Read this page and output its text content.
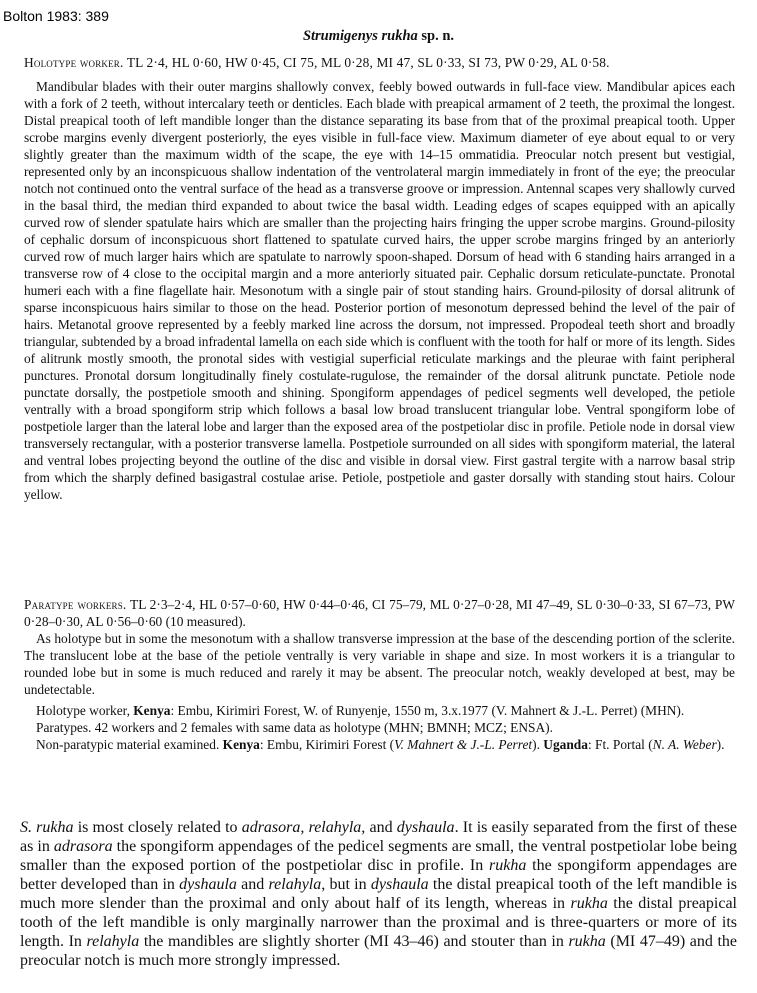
Bolton 1983: 389
Strumigenys rukha sp. n.

Holotype worker. TL 2·4, HL 0·60, HW 0·45, CI 75, ML 0·28, MI 47, SL 0·33, SI 73, PW 0·29, AL 0·58.

Mandibular blades with their outer margins shallowly convex, feebly bowed outwards in full-face view. Mandibular apices each with a fork of 2 teeth, without intercalary teeth or denticles. Each blade with preapical armament of 2 teeth, the proximal the longest. Distal preapical tooth of left mandible longer than the distance separating its base from that of the proximal preapical tooth. Upper scrobe margins evenly divergent posteriorly, the eyes visible in full-face view. Maximum diameter of eye about equal to or very slightly greater than the maximum width of the scape, the eye with 14–15 ommatidia. Preocular notch present but vestigial, represented only by an inconspicuous shallow indentation of the ventrolateral margin immediately in front of the eye; the preocular notch not continued onto the ventral surface of the head as a transverse groove or impression. Antennal scapes very shallowly curved in the basal third, the median third expanded to about twice the basal width. Leading edges of scapes equipped with an apically curved row of slender spatulate hairs which are smaller than the projecting hairs fringing the upper scrobe margins. Ground-pilosity of cephalic dorsum of inconspicuous short flattened to spatulate curved hairs, the upper scrobe margins fringed by an anteriorly curved row of much larger hairs which are spatulate to narrowly spoon-shaped. Dorsum of head with 6 standing hairs arranged in a transverse row of 4 close to the occipital margin and a more anteriorly situated pair. Cephalic dorsum reticulate-punctate. Pronotal humeri each with a fine flagellate hair. Mesonotum with a single pair of stout standing hairs. Ground-pilosity of dorsal alitrunk of sparse inconspicuous hairs similar to those on the head. Posterior portion of mesonotum depressed behind the level of the pair of hairs. Metanotal groove represented by a feebly marked line across the dorsum, not impressed. Propodeal teeth short and broadly triangular, subtended by a broad infradental lamella on each side which is confluent with the tooth for half or more of its length. Sides of alitrunk mostly smooth, the pronotal sides with vestigial superficial reticulate markings and the pleurae with faint peripheral punctures. Pronotal dorsum longitudinally finely costulate-rugulose, the remainder of the dorsal alitrunk punctate. Petiole node punctate dorsally, the postpetiole smooth and shining. Spongiform appendages of pedicel segments well developed, the petiole ventrally with a broad spongiform strip which follows a basal low broad translucent triangular lobe. Ventral spongiform lobe of postpetiole larger than the lateral lobe and larger than the exposed area of the postpetiolar disc in profile. Petiole node in dorsal view transversely rectangular, with a posterior transverse lamella. Postpetiole surrounded on all sides with spongiform material, the lateral and ventral lobes projecting beyond the outline of the disc and visible in dorsal view. First gastral tergite with a narrow basal strip from which the sharply defined basigastral costulae arise. Petiole, postpetiole and gaster dorsally with standing stout hairs. Colour yellow.

Paratype workers. TL 2·3–2·4, HL 0·57–0·60, HW 0·44–0·46, CI 75–79, ML 0·27–0·28, MI 47–49, SL 0·30–0·33, SI 67–73, PW 0·28–0·30, AL 0·56–0·60 (10 measured).

As holotype but in some the mesonotum with a shallow transverse impression at the base of the descending portion of the sclerite. The translucent lobe at the base of the petiole ventrally is very variable in shape and size. In most workers it is a triangular to rounded lobe but in some is much reduced and rarely it may be absent. The preocular notch, weakly developed at best, may be undetectable.

Holotype worker, Kenya: Embu, Kirimiri Forest, W. of Runyenje, 1550 m, 3.x.1977 (V. Mahnert & J.-L. Perret) (MHN).

Paratypes. 42 workers and 2 females with same data as holotype (MHN; BMNH; MCZ; ENSA).

Non-paratypic material examined. Kenya: Embu, Kirimiri Forest (V. Mahnert & J.-L. Perret). Uganda: Ft. Portal (N. A. Weber).

S. rukha is most closely related to adrasora, relahyla, and dyshaula. It is easily separated from the first of these as in adrasora the spongiform appendages of the pedicel segments are small, the ventral postpetiolar lobe being smaller than the exposed portion of the postpetiolar disc in profile. In rukha the spongiform appendages are better developed than in dyshaula and relahyla, but in dyshaula the distal preapical tooth of the left mandible is much more slender than the proximal and only about half of its length, whereas in rukha the distal preapical tooth of the left mandible is only marginally narrower than the proximal and is three-quarters or more of its length. In relahyla the mandibles are slightly shorter (MI 43–46) and stouter than in rukha (MI 47–49) and the preocular notch is much more strongly impressed.
